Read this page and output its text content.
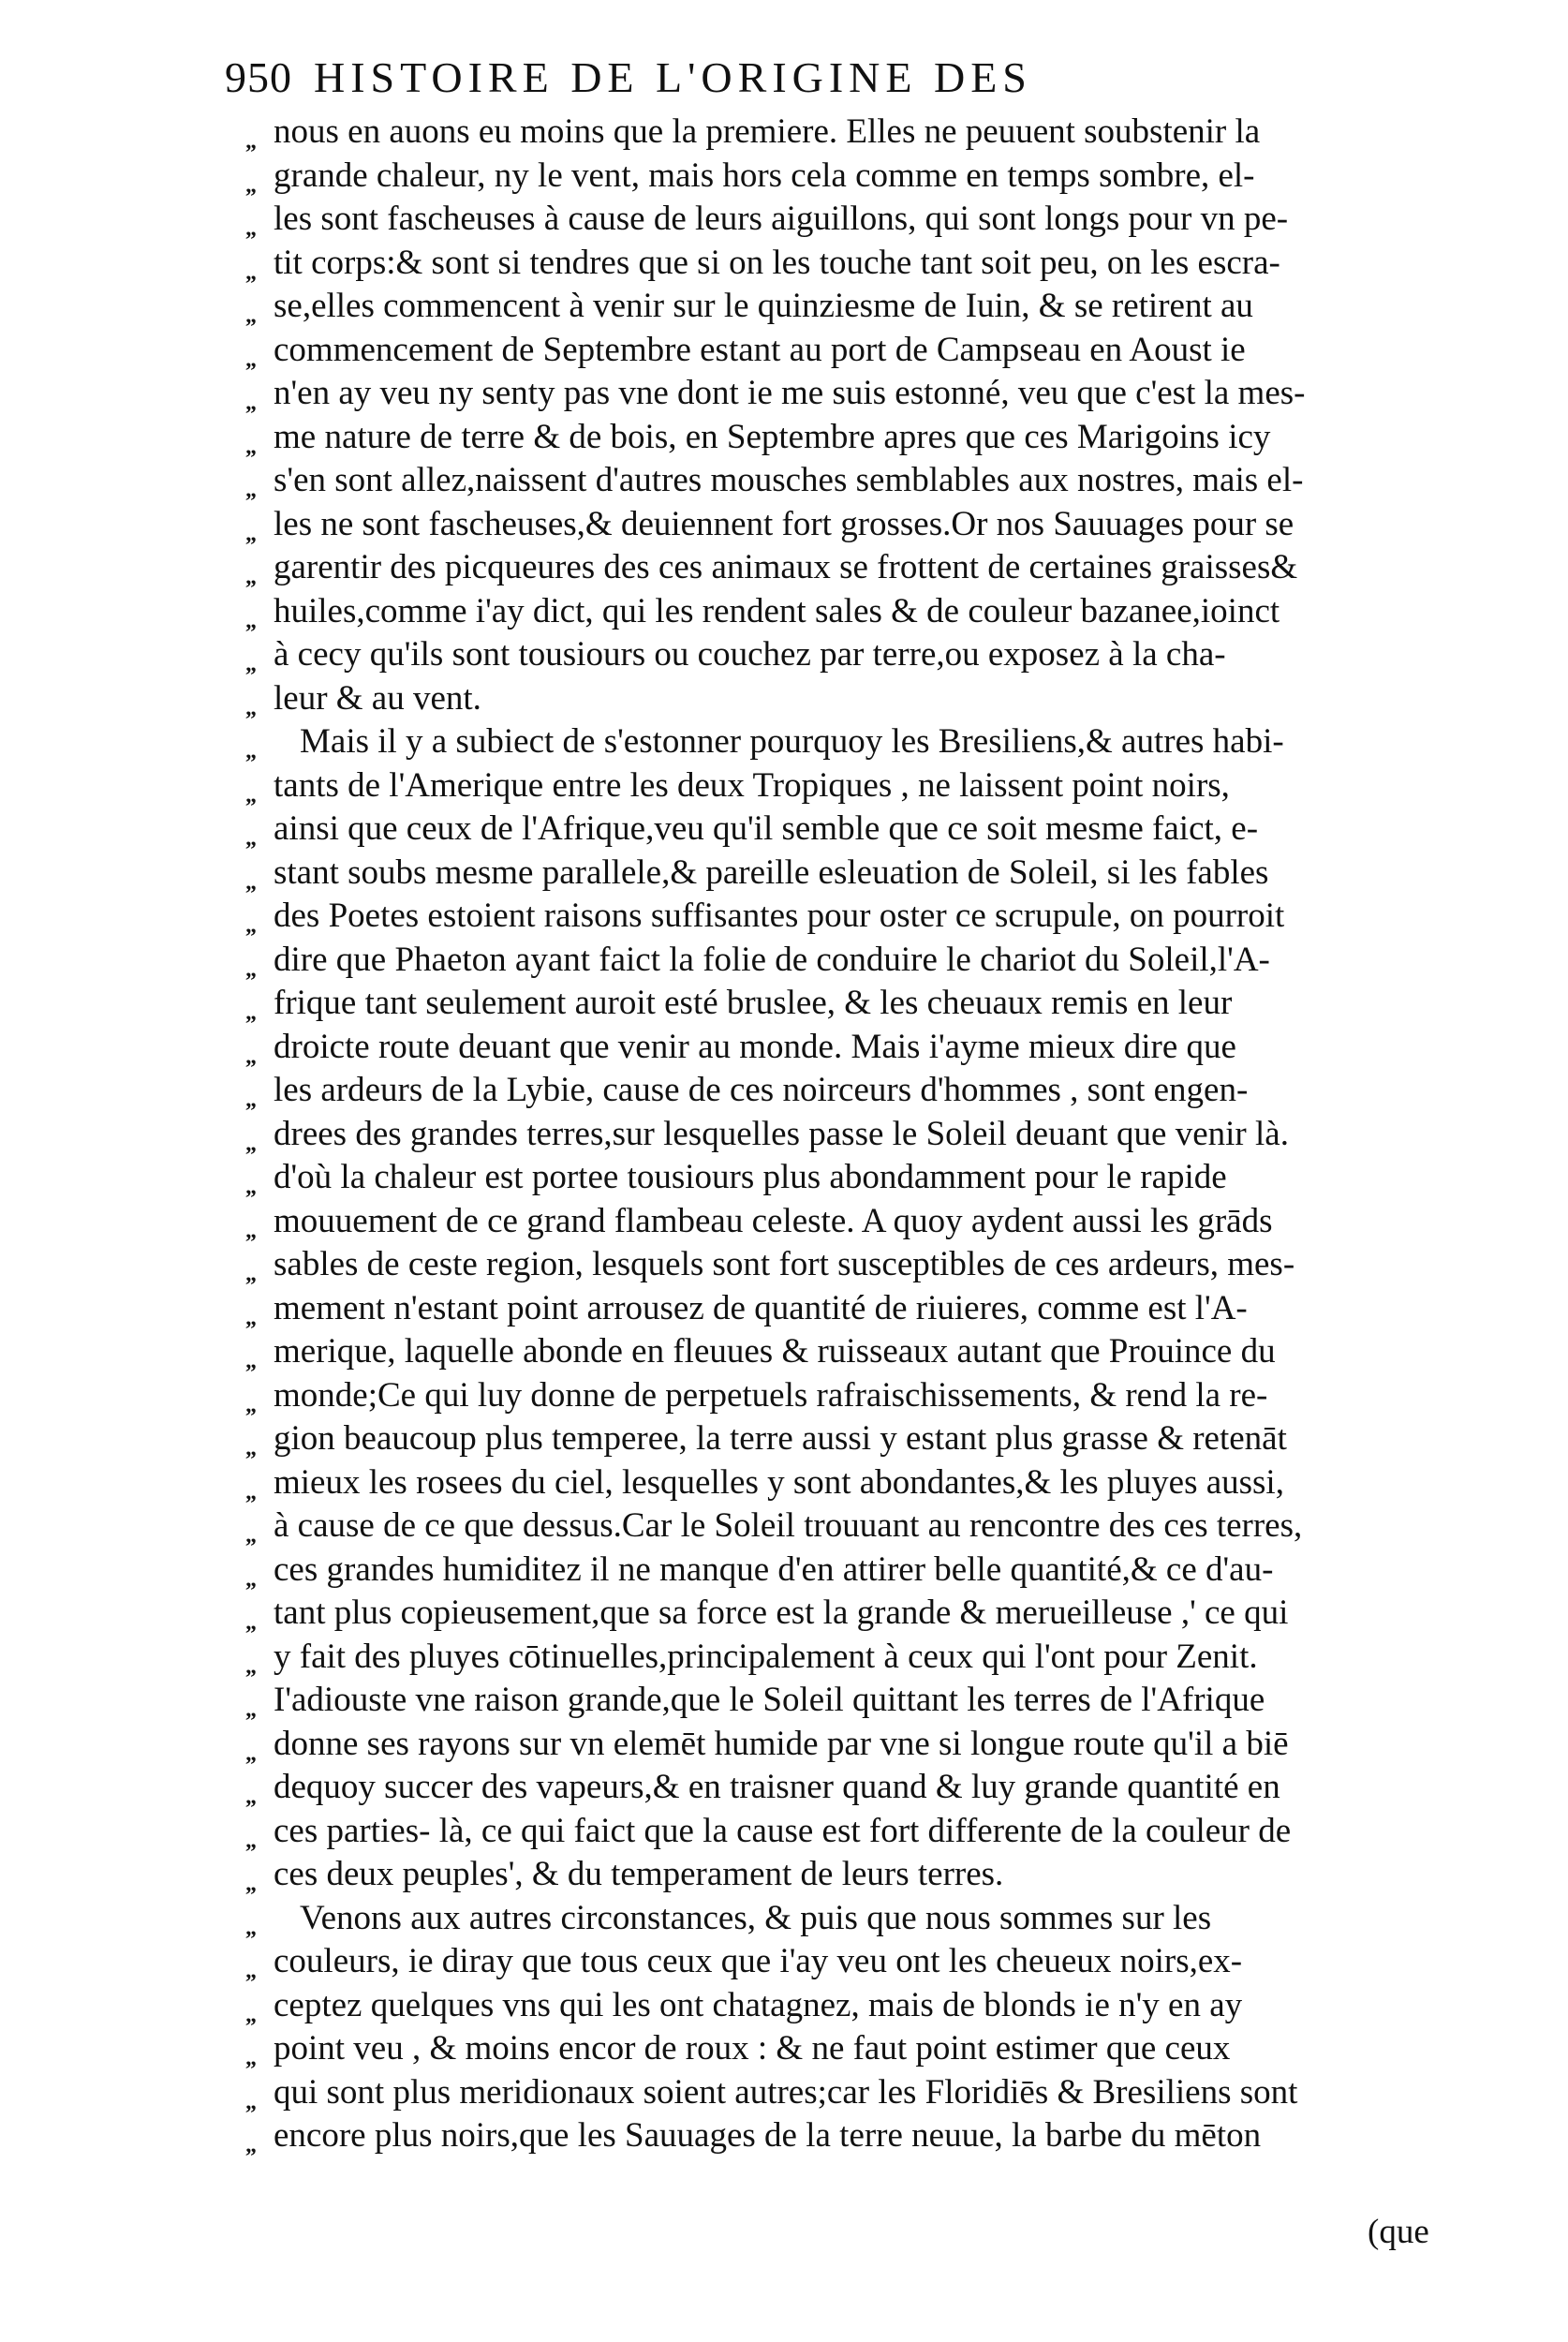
950 HISTOIRE DE L'ORIGINE DES
„
„
„
„
„
„
„
„
„
„
„
„
„
„
„
„
„
„
„
„
„
„
„
„
„
„
„
„
„
„
„
„
„
„
„
„
„
„
„
„
„
„
„
„
„
„
„
nous en auons eu moins que la premiere. Elles ne peuuent soubstenir la
grande chaleur, ny le vent, mais hors cela comme en temps sombre, el-
les sont fascheuses à cause de leurs aiguillons, qui sont longs pour vn pe-
tit corps:& sont si tendres que si on les touche tant soit peu, on les escra-
se,elles commencent à venir sur le quinziesme de Iuin, & se retirent au
commencement de Septembre estant au port de Campseau en Aoust ie
n'en ay veu ny senty pas vne dont ie me suis estonné, veu que c'est la mes-
me nature de terre & de bois, en Septembre apres que ces Marigoins icy
s'en sont allez,naissent d'autres mousches semblables aux nostres, mais el-
les ne sont fascheuses,& deuiennent fort grosses.Or nos Sauuages pour se
garentir des picqueures des ces animaux se frottent de certaines graisses&
huiles,comme i'ay dict, qui les rendent sales & de couleur bazanee,ioinct
à cecy qu'ils sont tousiours ou couchez par terre,ou exposez à la cha-
leur & au vent.
Mais il y a subiect de s'estonner pourquoy les Bresiliens,& autres habi-
tants de l'Amerique entre les deux Tropiques , ne laissent point noirs,
ainsi que ceux de l'Afrique,veu qu'il semble que ce soit mesme faict, e-
stant soubs mesme parallele,& pareille esleuation de Soleil, si les fables
des Poetes estoient raisons suffisantes pour oster ce scrupule, on pourroit
dire que Phaeton ayant faict la folie de conduire le chariot du Soleil,l'A-
frique tant seulement auroit esté bruslee, & les cheuaux remis en leur
droicte route deuant que venir au monde. Mais i'ayme mieux dire que
les ardeurs de la Lybie, cause de ces noirceurs d'hommes , sont engen-
drees des grandes terres,sur lesquelles passe le Soleil deuant que venir là.
d'où la chaleur est portee tousiours plus abondamment pour le rapide
mouuement de ce grand flambeau celeste. A quoy aydent aussi les grāds
sables de ceste region, lesquels sont fort susceptibles de ces ardeurs, mes-
mement n'estant point arrousez de quantité de riuieres, comme est l'A-
merique, laquelle abonde en fleuues & ruisseaux autant que Prouince du
monde;Ce qui luy donne de perpetuels rafraischissements, & rend la re-
gion beaucoup plus temperee, la terre aussi y estant plus grasse & retenāt
mieux les rosees du ciel, lesquelles y sont abondantes,& les pluyes aussi,
à cause de ce que dessus.Car le Soleil trouuant au rencontre des ces terres,
ces grandes humiditez il ne manque d'en attirer belle quantité,& ce d'au-
tant plus copieusement,que sa force est la grande & merueilleuse ,' ce qui
y fait des pluyes cōtinuelles,principalement à ceux qui l'ont pour Zenit.
I'adiouste vne raison grande,que le Soleil quittant les terres de l'Afrique
donne ses rayons sur vn elemēt humide par vne si longue route qu'il a biē
dequoy succer des vapeurs,& en traisner quand & luy grande quantité en
ces parties- là, ce qui faict que la cause est fort differente de la couleur de
ces deux peuples', & du temperament de leurs terres.
Venons aux autres circonstances, & puis que nous sommes sur les
couleurs, ie diray que tous ceux que i'ay veu ont les cheueux noirs,ex-
ceptez quelques vns qui les ont chatagnez, mais de blonds ie n'y en ay
point veu , & moins encor de roux : & ne faut point estimer que ceux
qui sont plus meridionaux soient autres;car les Floridiēs & Bresiliens sont
encore plus noirs,que les Sauuages de la terre neuue, la barbe du mēton
(que
